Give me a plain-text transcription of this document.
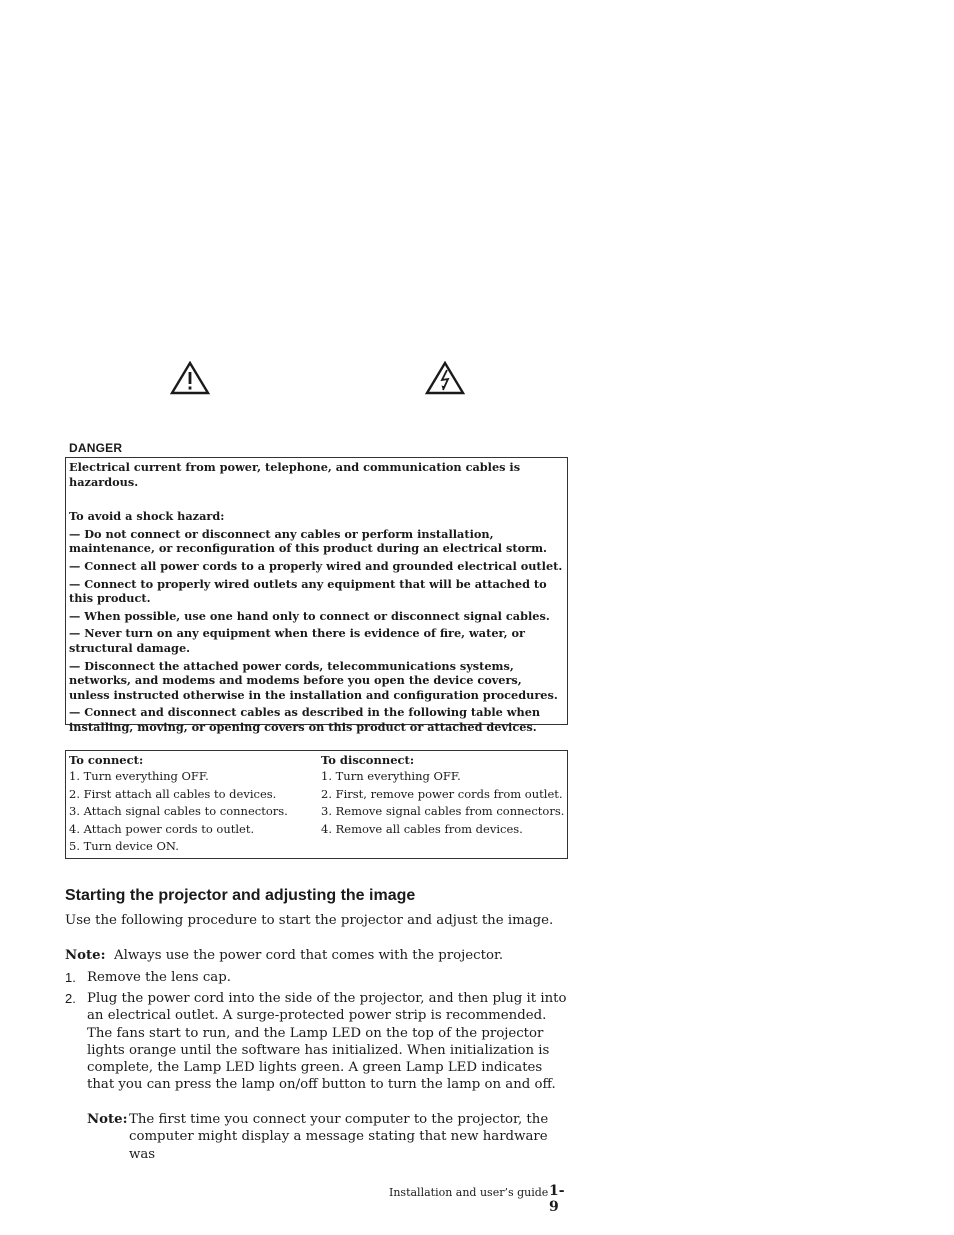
DANGER

Electrical current from power, telephone, and communication cables is hazardous.

To avoid a shock hazard:

— Do not connect or disconnect any cables or perform installation, maintenance, or reconfiguration of this product during an electrical storm.

— Connect all power cords to a properly wired and grounded electrical outlet.

— Connect to properly wired outlets any equipment that will be attached to this product.

— When possible, use one hand only to connect or disconnect signal cables.

— Never turn on any equipment when there is evidence of fire, water, or structural damage.

— Disconnect the attached power cords, telecommunications systems, networks, and modems and modems before you open the device covers, unless instructed otherwise in the installation and configuration procedures.

— Connect and disconnect cables as described in the following table when installing, moving, or opening covers on this product or attached devices.

To connect:
1. Turn everything OFF.
2. First attach all cables to devices.
3. Attach signal cables to connectors.
4. Attach power cords to outlet.
5. Turn device ON.
To disconnect:
1. Turn everything OFF.
2. First, remove power cords from outlet.
3. Remove signal cables from connectors.
4. Remove all cables from devices.
Starting the projector and adjusting the image
Use the following procedure to start the projector and adjust the image.
Note: Always use the power cord that comes with the projector.
1. Remove the lens cap.
2. Plug the power cord into the side of the projector, and then plug it into an electrical outlet. A surge-protected power strip is recommended. The fans start to run, and the Lamp LED on the top of the projector lights orange until the software has initialized. When initialization is complete, the Lamp LED lights green. A green Lamp LED indicates that you can press the lamp on/off button to turn the lamp on and off.
Note: The first time you connect your computer to the projector, the computer might display a message stating that new hardware was
Installation and user’s guide 1-9
